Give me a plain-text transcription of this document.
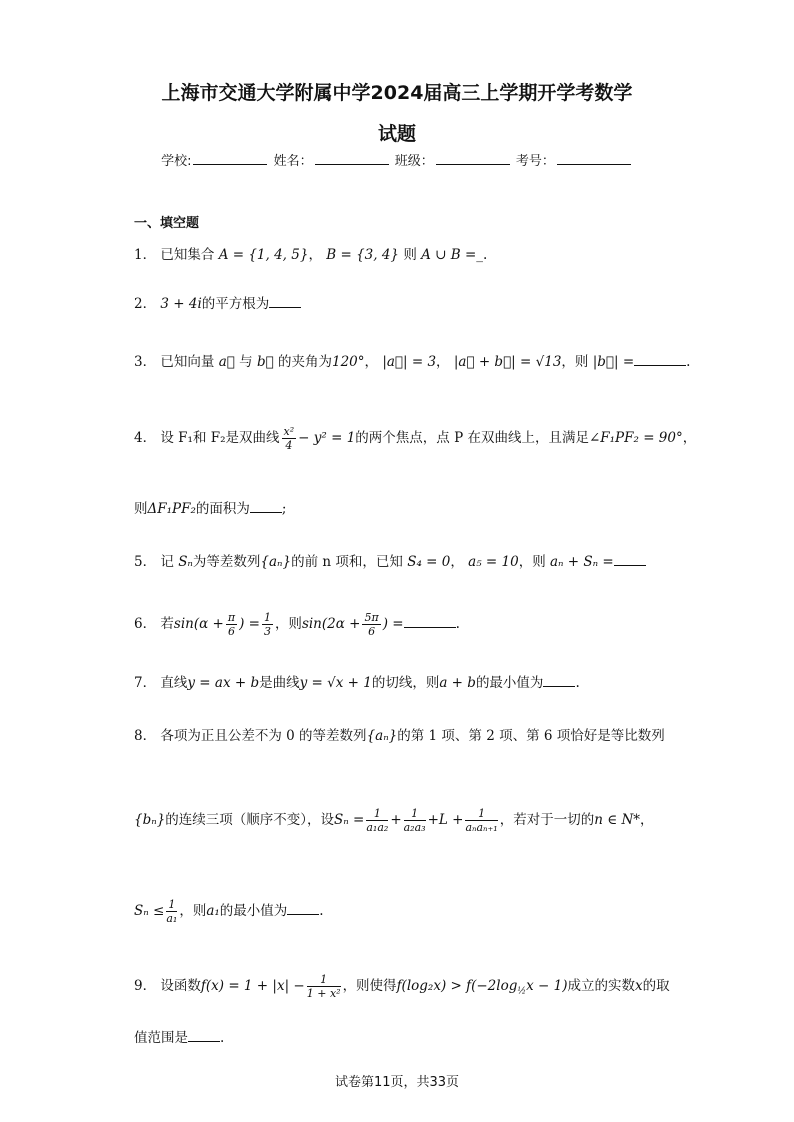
上海市交通大学附属中学2024届高三上学期开学考数学
试题
学校:	姓名：	班级：	考号：
一、填空题
1． 已知集合 A = {1, 4, 5}， B = {3, 4} 则 A ∪ B =_.
2． 3 + 4i的平方根为
3． 已知向量 a⃗ 与 b⃗ 的夹角为120°， |a⃗| = 3， |a⃗ + b⃗| = √13，则 |b⃗| =	.
4． 设 F₁和 F₂是双曲线 $\frac{\text{x²}}{4} - y^2 = 1$的两个焦点，点 P 在双曲线上，且满足∠F₁PF₂ = 90°，
则ΔF₁PF₂的面积为 ;
5． 记 Sₙ为等差数列{aₙ}的前 n 项和，已知 S₄ = 0， a₅ = 10，则 aₙ + Sₙ =
6． 若$\sin(\alpha + \frac{\pi}{6}$ ) = $\frac{1}{3}$ ，则$\sin(2\alpha + \frac{5\pi}{6}$ ) =	.
7． 直线y = ax + b是曲线y = √x + 1的切线，则a + b的最小值为 .
8． 各项为正且公差不为 0 的等差数列{aₙ}的第 1 项、第 2 项、第 6 项恰好是等比数列
{bₙ}的连续三项（顺序不变），设$S_n = \frac{1}{\text{a₁a₂}} + \frac{1}{\text{a₂a₃}} +L + \frac{1}{\text{aₙaₙ₊₁}}$ ，若对于一切的n ∈ N*，
$S_n \le \frac{1}{\text{a₁}}$ ，则a₁的最小值为 .
9． 设函数$f(x) = 1 + |x| - \frac{1}{\text{1 + x²}}$ ，则使得$f(\log_2x) > f(-2\log_{\frac{1}{2}}x - 1)$成立的实数x的取
值范围是 .
试卷第11页，共33页
